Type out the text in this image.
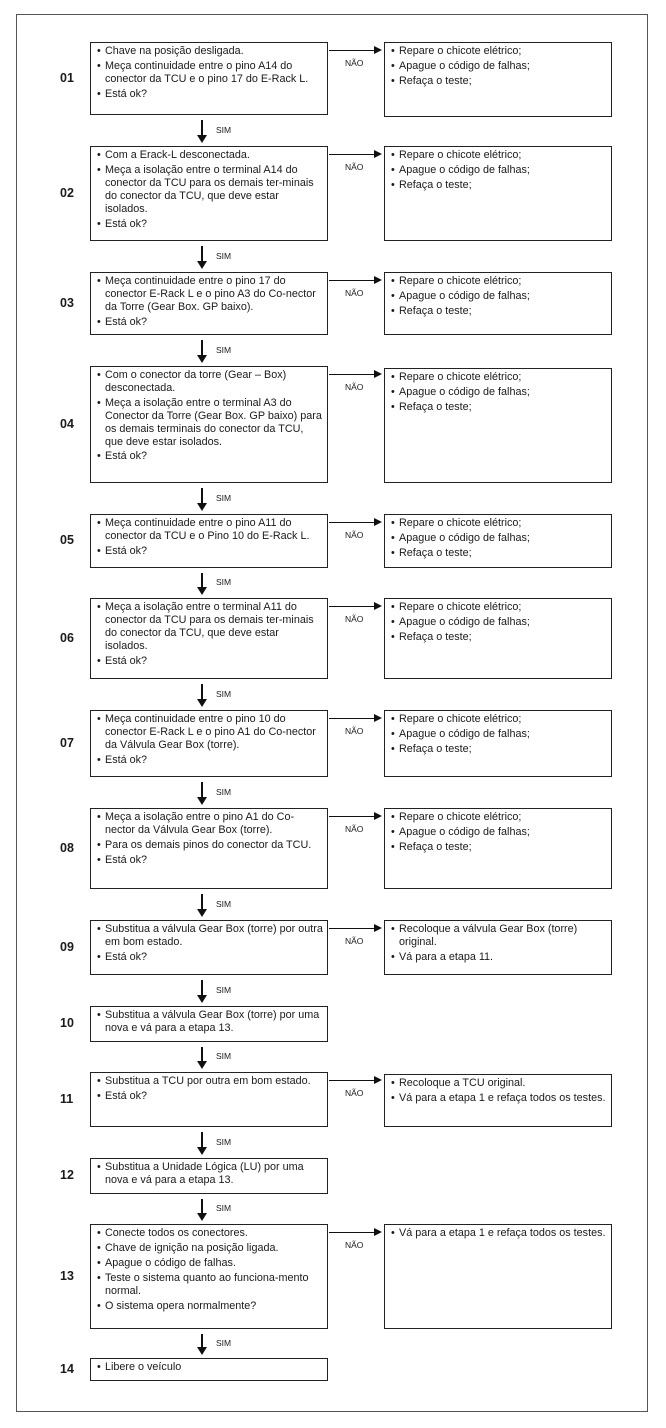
01
• Chave na posição desligada.
• Meça continuidade entre o pino A14 do conector da TCU e o pino 17 do E-Rack L.
• Está ok?
• Repare o chicote elétrico;
• Apague o código de falhas;
• Refaça o teste;
NÃO
SIM
02
• Com a Erack-L desconectada.
• Meça a isolação entre o terminal A14 do conector da TCU para os demais ter-minais do conector da TCU, que deve estar isolados.
• Está ok?
• Repare o chicote elétrico;
• Apague o código de falhas;
• Refaça o teste;
NÃO
SIM
03
• Meça continuidade entre o pino 17 do conector E-Rack L e o pino A3 do Co-nector da Torre (Gear Box. GP baixo).
• Está ok?
• Repare o chicote elétrico;
• Apague o código de falhas;
• Refaça o teste;
NÃO
SIM
04
• Com o conector da torre (Gear – Box) desconectada.
• Meça a isolação entre o terminal A3 do Conector da Torre (Gear Box. GP baixo) para os demais terminais do conector da TCU, que deve estar isolados.
• Está ok?
• Repare o chicote elétrico;
• Apague o código de falhas;
• Refaça o teste;
NÃO
SIM
05
• Meça continuidade entre o pino A11 do conector da TCU e o Pino 10 do E-Rack L.
• Está ok?
• Repare o chicote elétrico;
• Apague o código de falhas;
• Refaça o teste;
NÃO
SIM
06
• Meça a isolação entre o terminal A11 do conector da TCU para os demais ter-minais do conector da TCU, que deve estar isolados.
• Está ok?
• Repare o chicote elétrico;
• Apague o código de falhas;
• Refaça o teste;
NÃO
SIM
07
• Meça continuidade entre o pino 10 do conector E-Rack L e o pino A1 do Co-nector da Válvula Gear Box (torre).
• Está ok?
• Repare o chicote elétrico;
• Apague o código de falhas;
• Refaça o teste;
NÃO
SIM
08
• Meça a isolação entre o pino A1 do Co-nector da Válvula Gear Box (torre).
• Para os demais pinos do conector da TCU.
• Está ok?
• Repare o chicote elétrico;
• Apague o código de falhas;
• Refaça o teste;
NÃO
SIM
09
• Substitua a válvula Gear Box (torre) por outra em bom estado.
• Está ok?
• Recoloque a válvula Gear Box (torre) original.
• Vá para a etapa 11.
NÃO
SIM
10
• Substitua a válvula Gear Box (torre) por uma nova e vá para a etapa 13.
SIM
11
• Substitua a TCU por outra em bom estado.
• Está ok?
• Recoloque a TCU original.
• Vá para a etapa 1 e refaça todos os testes.
NÃO
SIM
12
• Substitua a Unidade Lógica (LU) por uma nova e vá para a etapa 13.
SIM
13
• Conecte todos os conectores.
• Chave de ignição na posição ligada.
• Apague o código de falhas.
• Teste o sistema quanto ao funciona-mento normal.
• O sistema opera normalmente?
• Vá para a etapa 1 e refaça todos os testes.
NÃO
SIM
14
•	Libere o veículo
